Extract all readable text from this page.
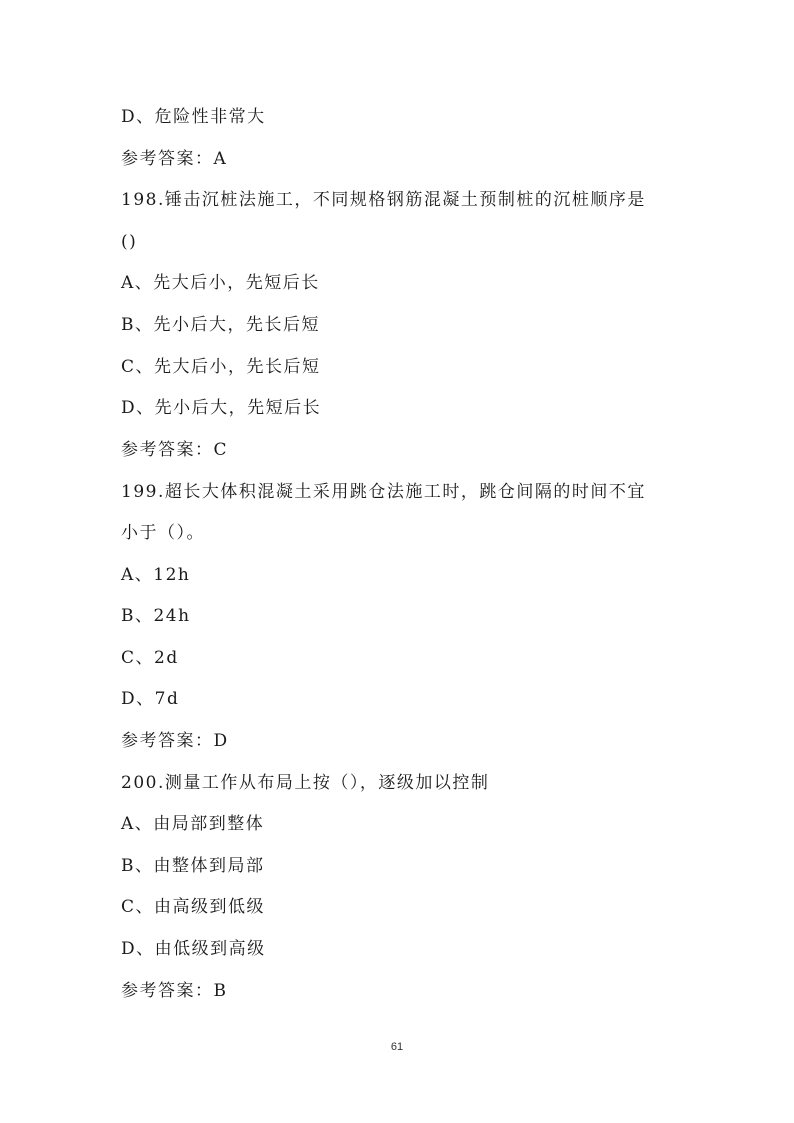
D、危险性非常大
参考答案：A
198.锤击沉桩法施工，不同规格钢筋混凝土预制桩的沉桩顺序是
()
A、先大后小，先短后长
B、先小后大，先长后短
C、先大后小，先长后短
D、先小后大，先短后长
参考答案：C
199.超长大体积混凝土采用跳仓法施工时，跳仓间隔的时间不宜
小于（）。
A、12h
B、24h
C、2d
D、7d
参考答案：D
200.测量工作从布局上按（），逐级加以控制
A、由局部到整体
B、由整体到局部
C、由高级到低级
D、由低级到高级
参考答案：B
61
